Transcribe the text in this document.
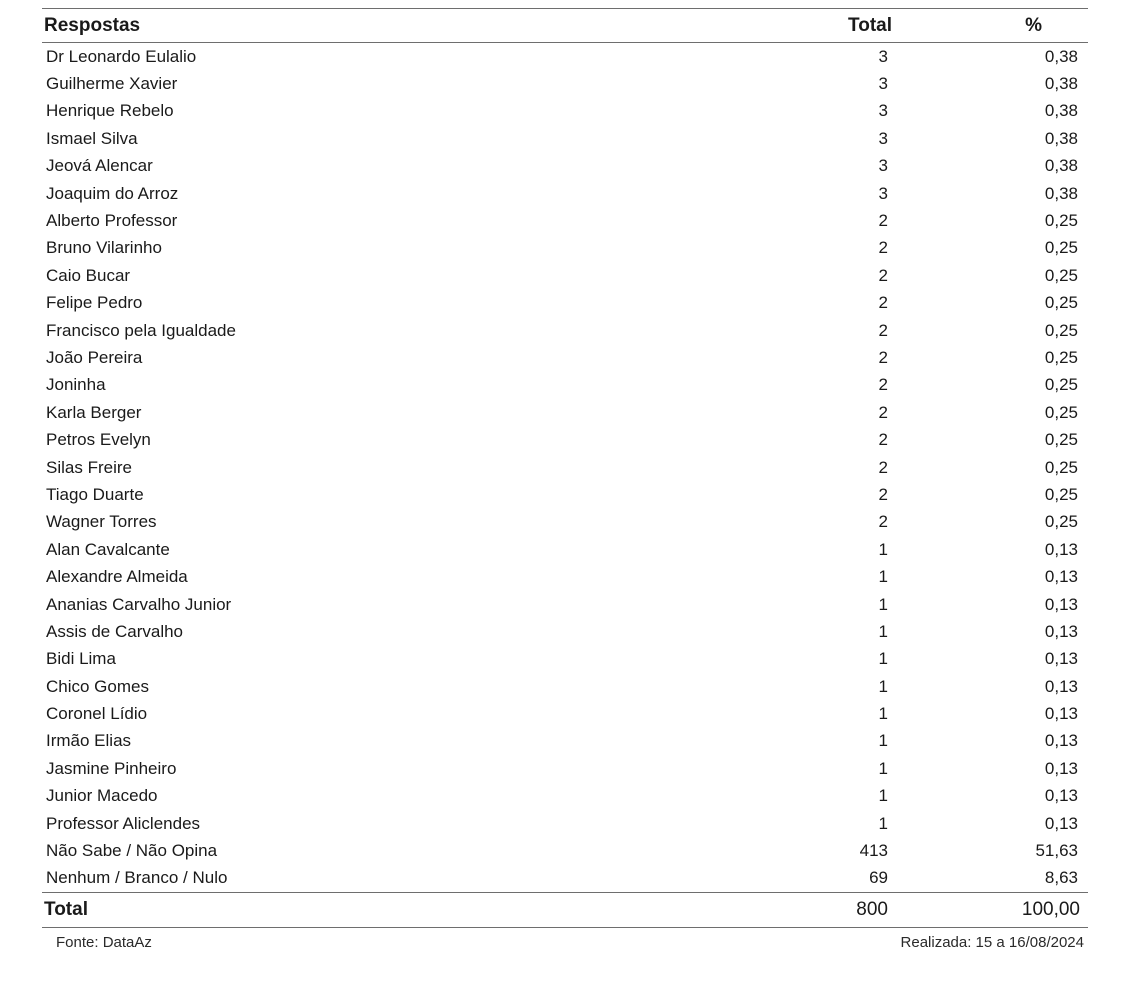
Respostas	Total	%
Dr Leonardo Eulalio	3	0,38
Guilherme Xavier	3	0,38
Henrique Rebelo	3	0,38
Ismael Silva	3	0,38
Jeová Alencar	3	0,38
Joaquim do Arroz	3	0,38
Alberto Professor	2	0,25
Bruno Vilarinho	2	0,25
Caio Bucar	2	0,25
Felipe Pedro	2	0,25
Francisco pela Igualdade	2	0,25
João Pereira	2	0,25
Joninha	2	0,25
Karla Berger	2	0,25
Petros Evelyn	2	0,25
Silas Freire	2	0,25
Tiago Duarte	2	0,25
Wagner Torres	2	0,25
Alan Cavalcante	1	0,13
Alexandre Almeida	1	0,13
Ananias Carvalho Junior	1	0,13
Assis de Carvalho	1	0,13
Bidi Lima	1	0,13
Chico Gomes	1	0,13
Coronel Lídio	1	0,13
Irmão Elias	1	0,13
Jasmine Pinheiro	1	0,13
Junior Macedo	1	0,13
Professor Aliclendes	1	0,13
Não Sabe / Não Opina	413	51,63
Nenhum / Branco / Nulo	69	8,63
Total	800	100,00
Fonte: DataAz	Realizada: 15 a 16/08/2024
